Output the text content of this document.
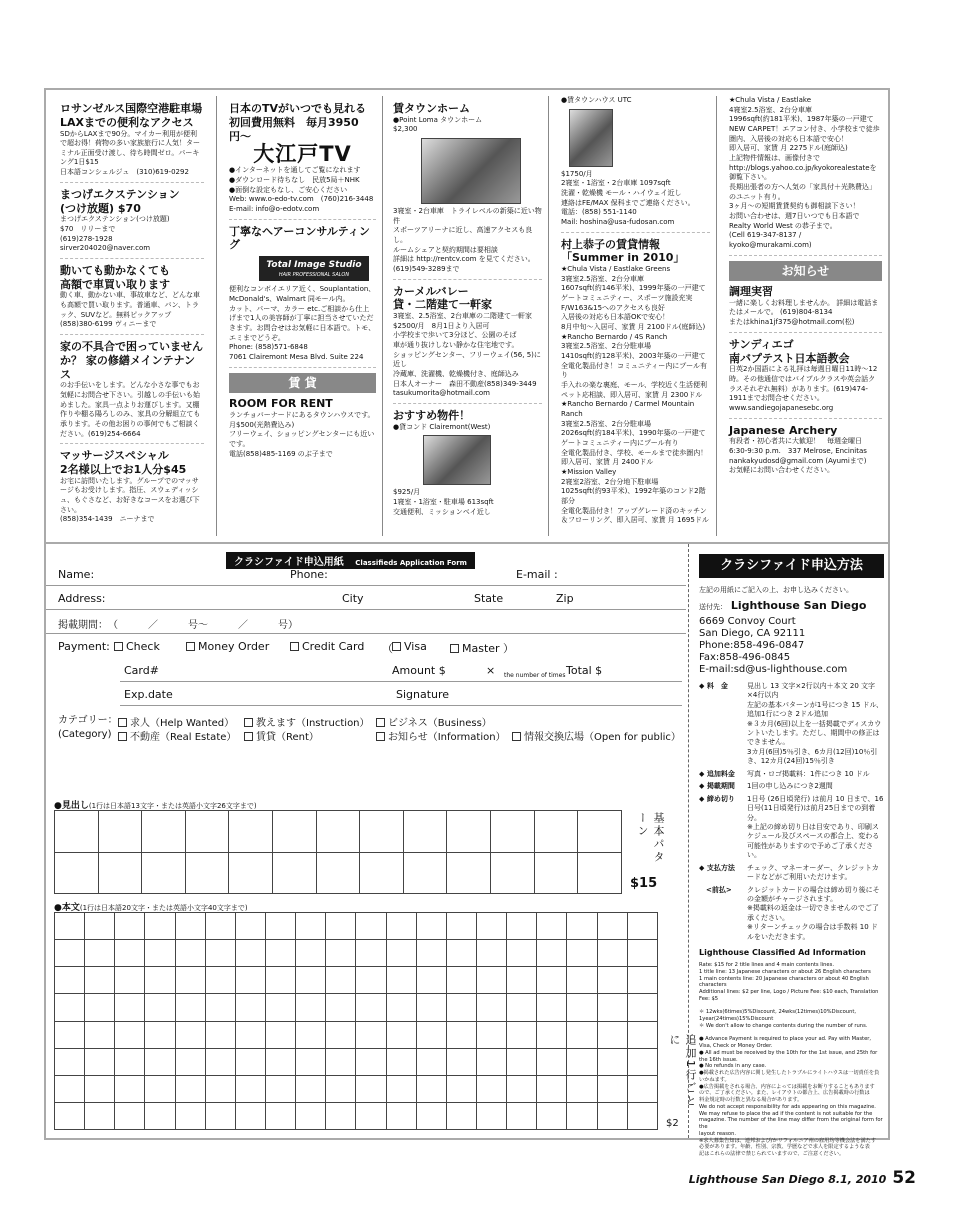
ロサンゼルス国際空港駐車場
LAXまでの便利なアクセス
SDからLAXまで90分。マイカー利用が便利で超お得！荷物の多い家族旅行に人気！ターミナル正面受け渡し、待ち時間ゼロ。パーキング1日$15
日本語コンシェルジュ　(310)619-0292
まつげエクステンション
(つけ放題) $70
まつげエクステンション(つけ放題)
$70　リリーまで
(619)278-1928
sirver204020@naver.com
動いても動かなくても
高額で車買い取ります
動く車、動かない車、事故車など、どんな車も高額で買い取ります。普通車、バン、トラック、SUVなど。無料ピックアップ
(858)380-6199 ヴィニーまで
家の不具合で困っていません
か？ 家の修繕メインテナンス
のお手伝いをします。どんな小さな事でもお気軽にお問合せ下さい。引越しの手伝いも始めました。家具一点よりお運びします。又棚作りや棚る陽ろしのみ、家具の分解組立ても承ります。その他お困りの事何でもご相談ください。(619)254-6664
マッサージスペシャル
2名様以上でお1人分$45
お宅に訪問いたします。グループでのマッサージもお受けします。指圧、スウェディッシュ、もぐさなど、お好きなコースをお選び下さい。
(858)354-1439　ニーナまで
日本のTVがいつでも見れる
初回費用無料　毎月3950円〜
大江戸TV
●インターネットを通してご覧になれます
●ダウンロード待ちなし　民放5局＋NHK
●面倒な設定もなし、ご安心ください
Web: www.o-edo-tv.com　(760)216-3448
E-mail: info@o-edotv.com
丁寧なヘアーコンサルティング
Total Image Studio
HAIR PROFESSIONAL SALON
便利なコンボイエリア近く、Souplantation、McDonald's、Walmart 同モール内。
カット、パーマ、カラー etc.ご相談から仕上げまで1人の美容師が丁寧に担当させていただきます。お問合せはお気軽に日本語で。トモ、エミまでどうぞ。
Phone: (858)571-6848
7061 Clairemont Mesa Blvd. Suite 224
賃 貸
ROOM FOR RENT
ランチョバーナードにあるタウンハウスです。
月$500(光熱費込み)
フリーウェイ、ショッピングセンターにも近いです。
電話(858)485-1169 のぶ子まで
賃タウンホーム
●Point Loma タウンホーム
$2,300
3寝室・2台車庫　トライレベルの新築に近い物件
スポーツアリーナに近し、高速アクセスも良し。
ルームシェアと契約期間は要相談
詳細は http://rentcv.com を見てください。
(619)549-3289まで
カーメルバレー
貸・二階建て一軒家
3寝室、2.5浴室、2台車庫の二階建て一軒家
$2500/月　8月1日より入居可
小学校まで歩いて3分ほど、公園のそば
車が通り抜けしない静かな住宅地です。
ショッピングセンター、フリーウェイ(56, 5)に近し
冷蔵庫、洗濯機、乾燥機付き、庭師込み
日本人オーナー　森田不動産(858)349-3449
tasukumorita@hotmail.com
おすすめ物件！
●貸コンド Clairemont(West)
$925/月
1寝室・1浴室・駐車場 613sqft
交通便利、ミッションベイ近し
●賃タウンハウス UTC
$1750/月
2寝室・1浴室・2台車庫 1097sqft
洗濯・乾燥機 モール・ハイウェイ近し
連絡はFE/MAX 保科までご連絡ください。
電話：(858) 551-1140
Mail: hoshina@usa-fudosan.com
村上恭子の賃貸情報
「Summer in 2010」
★Chula Vista / Eastlake Greens
3寝室2.5浴室、2台分車庫
1607sqft(約146平米)、1999年築の一戸建て
ゲートコミュニティー、スポーツ施設充実
F/W163&15へのアクセスも良好
入居後の対応も日本語OKで安心！
8月中旬〜入居可、家賃 月 2100ドル(庭師込)
★Rancho Bernardo / 4S Ranch
3寝室2.5浴室、2台分駐車場
1410sqft(約128平米)、2003年築の一戸建て
全電化製品付き！コミュニティー内にプール有り
手入れの楽な裏庭、モール、学校近く生活便利
ペット応相談、即入居可、家賃 月 2300ドル
★Rancho Bernardo / Carmel Mountain Ranch
3寝室2.5浴室、2台分駐車場
2026sqft(約184平米)、1990年築の一戸建て
ゲートコミュニティー内にプール有り
全電化製品付き、学校、モールまで徒歩圏内！
即入居可、家賃 月 2400ドル
★Mission Valley
2寝室2浴室、2台分地下駐車場
1025sqft(約93平米)、1992年築のコンド2階部分
全電化製品付き！アップグレード済のキッチン＆フローリング、即入居可、家賃 月 1695ドル
★Chula Vista / Eastlake
4寝室2.5浴室、2台分車庫
1996sqft(約181平米)、1987年築の一戸建て
NEW CARPET！エアコン付き、小学校まで徒歩圏内、入居後の対応も日本語で安心！
即入居可、家賃 月 2275ドル(庭師込)
上記物件情報は、画像付きで http://blogs.yahoo.co.jp/kyokorealestateを御覧下さい。
長期出張者の方へ人気の「家具付＋光熱費込」のユニット有り。
3ヶ月〜の短期賃貸契約も御相談下さい！
お問い合わせは、週7日いつでも日本語で
Realty World West の恭子まで。
(Cell 619-347-8137 / kyoko@murakami.com)
お知らせ
調理実習
一緒に楽しくお料理しませんか。 詳細は電話またはメールで。 (619)804-8134
またはkhina1jf375@hotmail.com(松)
サンディエゴ
南バプテスト日本語教会
日英2か国語による礼拝は毎週日曜日11時〜12時。その他通信ではバイブルクラスや英会話クラスそれぞれ無料）があります。(619)474-1911までお問合せください。www.sandiegojapanesebc.org
Japanese Archery
有段者・初心者共に大歓迎！　毎週金曜日
6:30-9:30 p.m.　337 Melrose, Encinitas
nankakyudosd@gmail.com (Ayumiまで)
お気軽にお問い合わせください。
クラシファイド申込用紙 Classifieds Application Form
Name:	Phone:	E-mail :
Address:	City	State	Zip
掲載期間：　（　　　／　　　号〜　　　／　　　号）
Payment:	Check	Money Order	Credit Card （	Visa	Master ）
Card#	Amount $	× the number of times Total $
Exp.date	Signature
カテゴリー：
(Category)
求人（Help Wanted）	教えます（Instruction）	ビジネス（Business）
不動産（Real Estate）	賃貸（Rent）	お知らせ（Information）	情報交換広場（Open for public）
●見出し(1行は日本語13文字・または英語小文字26文字まで)

基本パターン
$15
●本文(1行は日本語20文字・または英語小文字40文字まで)

追加1行ごとに
$2
クラシファイド申込方法
左記の用紙にご記入の上、お申し込みください。
送付先： Lighthouse San Diego
6669 Convoy Court
San Diego, CA 92111
Phone:858-496-0847
Fax:858-496-0845
E-mail:sd@us-lighthouse.com
◆ 料　金	見出し 13 文字×2行以内＋本文 20 文字×4行以内
左記の基本パターンが1号につき 15 ドル、追加1行につき 2ドル追加
※３カ月(6回)以上を一括掲載でディスカウントいたします。ただし、期間中の修正はできません。
3カ月(6回)5％引き、6カ月(12回)10％引き、12カ月(24回)15％引き
◆ 追加料金	写真・ロゴ掲載料：1件につき 10 ドル
◆ 掲載期間	1回の申し込みにつき2週間
◆ 締め切り	1日号 (26日頃発行) は前月 10 日まで、16 日号(11日頃発行)は前月25日までの到着分。
※上記の締め切り日は目安であり、印刷スケジュール及びスペースの都合上、変わる可能性がありますので予めご了承ください。
◆ 支払方法	チェック、マネーオーダー、クレジットカードなどがご利用いただけます。
　<前払>	クレジットカードの場合は締め切り後にその金額がチャージされます。
※掲載料の返金は一切できませんのでご了承ください。
※リターンチェックの場合は手数料 10 ドルをいただきます。
Lighthouse Classified Ad Information
Rate: $15 for 2 title lines and 4 main contents lines.
1 title line: 13 Japanese characters or about 26 English characters
1 main contents line: 20 Japanese characters or about 40 English characters
Additional lines: $2 per line, Logo / Picture Fee: $10 each, Translation Fee: $5

＊ 12wks(6times)5%Discount, 24wks(12times)10%Discount,
1year(24times)15%Discount
＊ We don't allow to change contents during the number of runs.

● Advance Payment is required to place your ad. Pay with Master, Visa, Check or Money Order.
● All ad must be received by the 10th for the 1st issue, and 25th for the 16th issue.
● No refunds in any case.
●掲載された広告内容に関し発生したトラブルにライトハウスは一切責任を負いかねます。
●広告掲載をされる場合、内容によっては掲載をお断りすることもあります
ので、ご了承ください。また、レイアウトの都合上、広告掲載時の行数は
料金規定時の行数と異なる場合があります。
We do not accept responsibility for ads appearing on this magazine.
We may refuse to place the ad if the content is not suitable for the
magazine. The number of the line may differ from the original form for the
layout reason.
※求人募集告知は、連邦および/かリフォルニア州の雇用均等機会法を満たす
必要があります。年齢、性別、宗教、学歴などで求人を限定するような表
記はこれらの法律で禁じられていますので、ご注意ください。
Lighthouse San Diego 8.1, 2010 52
